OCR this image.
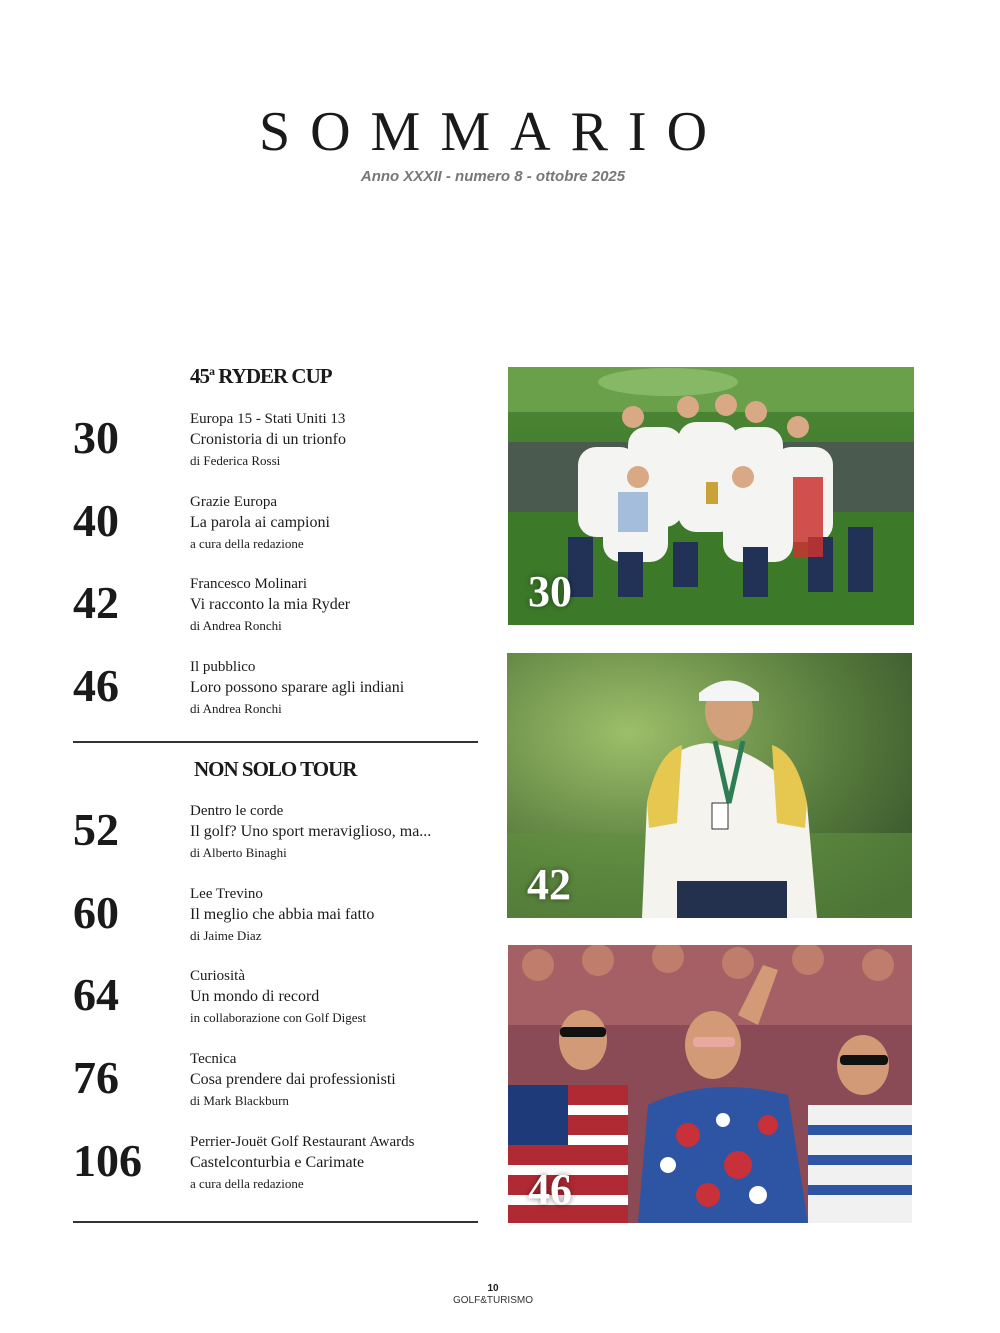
SOMMARIO
Anno XXXII - numero 8 - ottobre 2025
45$^a$ RYDER CUP
30	Europa 15 - Stati Uniti 13
Cronistoria di un trionfo
di Federica Rossi
40	Grazie Europa
La parola ai campioni
a cura della redazione
42	Francesco Molinari
Vi racconto la mia Ryder
di Andrea Ronchi
46	Il pubblico
Loro possono sparare agli indiani
di Andrea Ronchi
NON SOLO TOUR
52	Dentro le corde
Il golf? Uno sport meraviglioso, ma...
di Alberto Binaghi
60	Lee Trevino
Il meglio che abbia mai fatto
di Jaime Diaz
64	Curiosità
Un mondo di record
in collaborazione con Golf Digest
76	Tecnica
Cosa prendere dai professionisti
di Mark Blackburn
106	Perrier-Jouët Golf Restaurant Awards
Castelconturbia e Carimate
a cura della redazione
30
42
46
10
GOLF&TURISMO
